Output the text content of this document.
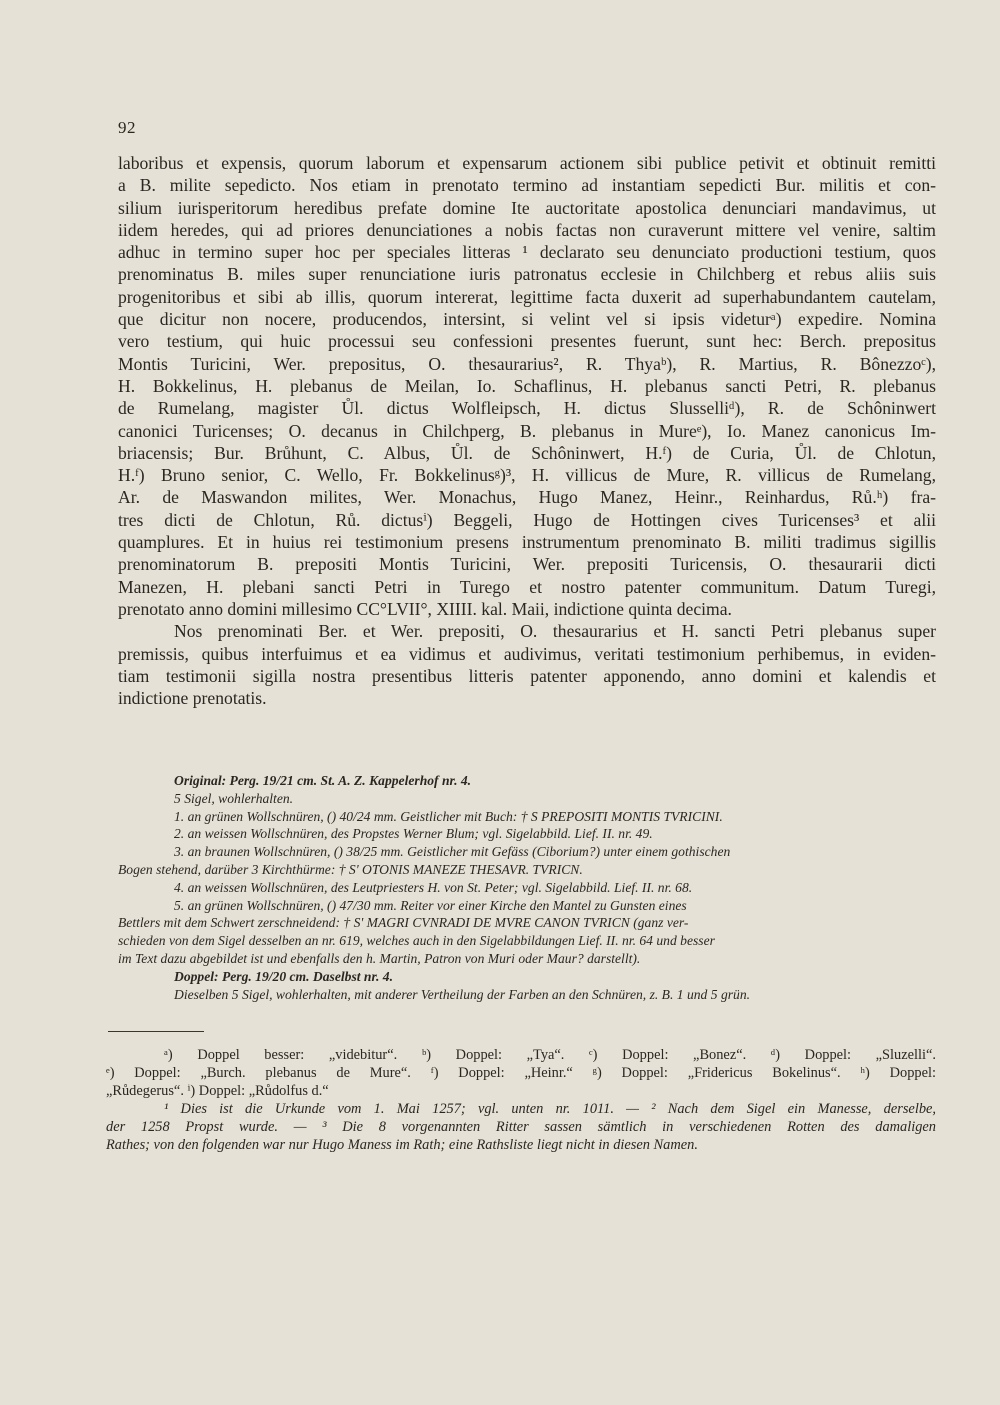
92
laboribus et expensis, quorum laborum et expensarum actionem sibi publice petivit et obtinuit remitti
a B. milite sepedicto. Nos etiam in prenotato termino ad instantiam sepedicti Bur. militis et con-
silium iurisperitorum heredibus prefate domine Ite auctoritate apostolica denunciari mandavimus, ut
iidem heredes, qui ad priores denunciationes a nobis factas non curaverunt mittere vel venire, saltim
adhuc in termino super hoc per speciales litteras ¹ declarato seu denunciato productioni testium, quos
prenominatus B. miles super renunciatione iuris patronatus ecclesie in Chilchberg et rebus aliis suis
progenitoribus et sibi ab illis, quorum intererat, legittime facta duxerit ad superhabundantem cautelam,
que dicitur non nocere, producendos, intersint, si velint vel si ipsis videturᵃ) expedire. Nomina
vero testium, qui huic processui seu confessioni presentes fuerunt, sunt hec: Berch. prepositus
Montis Turicini, Wer. prepositus, O. thesaurarius², R. Thyaᵇ), R. Martius, R. Bônezzoᶜ),
H. Bokkelinus, H. plebanus de Meilan, Io. Schaflinus, H. plebanus sancti Petri, R. plebanus
de Rumelang, magister Ůl. dictus Wolfleipsch, H. dictus Slusselliᵈ), R. de Schôninwert
canonici Turicenses; O. decanus in Chilchperg, B. plebanus in Mureᵉ), Io. Manez canonicus Im-
briacensis; Bur. Brůhunt, C. Albus, Ůl. de Schôninwert, H.ᶠ) de Curia, Ůl. de Chlotun,
H.ᶠ) Bruno senior, C. Wello, Fr. Bokkelinusᵍ)³, H. villicus de Mure, R. villicus de Rumelang,
Ar. de Maswandon milites, Wer. Monachus, Hugo Manez, Heinr., Reinhardus, Rů.ʰ) fra-
tres dicti de Chlotun, Rů. dictusⁱ) Beggeli, Hugo de Hottingen cives Turicenses³ et alii
quamplures. Et in huius rei testimonium presens instrumentum prenominato B. militi tradimus sigillis
prenominatorum B. prepositi Montis Turicini, Wer. prepositi Turicensis, O. thesaurarii dicti
Manezen, H. plebani sancti Petri in Turego et nostro patenter communitum. Datum Turegi,
prenotato anno domini millesimo CC°LVII°, XIIII. kal. Maii, indictione quinta decima.
Nos prenominati Ber. et Wer. prepositi, O. thesaurarius et H. sancti Petri plebanus super
premissis, quibus interfuimus et ea vidimus et audivimus, veritati testimonium perhibemus, in eviden-
tiam testimonii sigilla nostra presentibus litteris patenter apponendo, anno domini et kalendis et
indictione prenotatis.
Original: Perg. 19/21 cm. St. A. Z. Kappelerhof nr. 4.
5 Sigel, wohlerhalten.
1. an grünen Wollschnüren, () 40/24 mm. Geistlicher mit Buch: † S PREPOSITI MONTIS TVRICINI.
2. an weissen Wollschnüren, des Propstes Werner Blum; vgl. Sigelabbild. Lief. II. nr. 49.
3. an braunen Wollschnüren, () 38/25 mm. Geistlicher mit Gefäss (Ciborium?) unter einem gothischen
Bogen stehend, darüber 3 Kirchthürme: † S' OTONIS MANEZE THESAVR. TVRICN.
4. an weissen Wollschnüren, des Leutpriesters H. von St. Peter; vgl. Sigelabbild. Lief. II. nr. 68.
5. an grünen Wollschnüren, () 47/30 mm. Reiter vor einer Kirche den Mantel zu Gunsten eines
Bettlers mit dem Schwert zerschneidend: † S' MAGRI CVNRADI DE MVRE CANON TVRICN (ganz ver-
schieden von dem Sigel desselben an nr. 619, welches auch in den Sigelabbildungen Lief. II. nr. 64 und besser
im Text dazu abgebildet ist und ebenfalls den h. Martin, Patron von Muri oder Maur? darstellt).
Doppel: Perg. 19/20 cm. Daselbst nr. 4.
Dieselben 5 Sigel, wohlerhalten, mit anderer Vertheilung der Farben an den Schnüren, z. B. 1 und 5 grün.
ᵃ) Doppel besser: „videbitur“. ᵇ) Doppel: „Tya“. ᶜ) Doppel: „Bonez“. ᵈ) Doppel: „Sluzelli“.
ᵉ) Doppel: „Burch. plebanus de Mure“. ᶠ) Doppel: „Heinr.“ ᵍ) Doppel: „Fridericus Bokelinus“. ʰ) Doppel:
„Růdegerus“. ⁱ) Doppel: „Růdolfus d.“
¹ Dies ist die Urkunde vom 1. Mai 1257; vgl. unten nr. 1011. — ² Nach dem Sigel ein Manesse, derselbe,
der 1258 Propst wurde. — ³ Die 8 vorgenannten Ritter sassen sämtlich in verschiedenen Rotten des damaligen
Rathes; von den folgenden war nur Hugo Maness im Rath; eine Rathsliste liegt nicht in diesen Namen.
